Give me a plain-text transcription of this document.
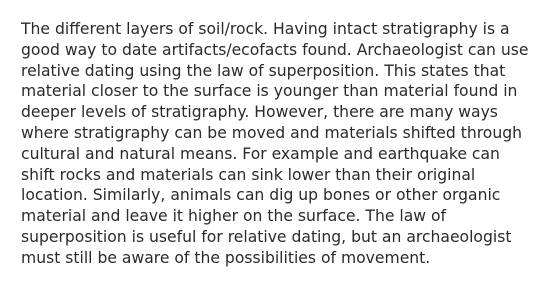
The different layers of soil/rock. Having intact stratigraphy is a
good way to date artifacts/ecofacts found. Archaeologist can use
relative dating using the law of superposition. This states that
material closer to the surface is younger than material found in
deeper levels of stratigraphy. However, there are many ways
where stratigraphy can be moved and materials shifted through
cultural and natural means. For example and earthquake can
shift rocks and materials can sink lower than their original
location. Similarly, animals can dig up bones or other organic
material and leave it higher on the surface. The law of
superposition is useful for relative dating, but an archaeologist
must still be aware of the possibilities of movement.
